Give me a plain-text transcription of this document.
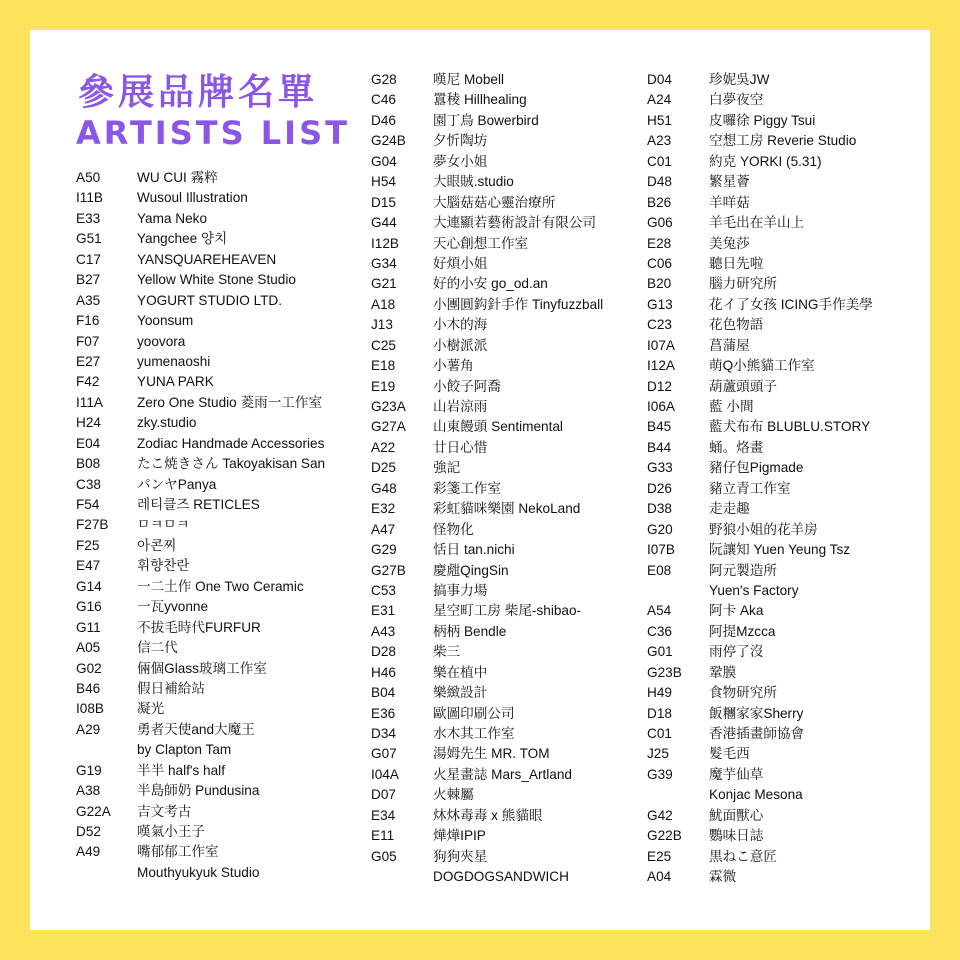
參展品牌名單
ARTISTS LIST
A50	WU CUI 霧粹
I11B	Wusoul Illustration
E33	Yama Neko
G51	Yangchee 양치
C17	YANSQUAREHEAVEN
B27	Yellow White Stone Studio
A35	YOGURT STUDIO LTD.
F16	Yoonsum
F07	yoovora
E27	yumenaoshi
F42	YUNA PARK
I11A	Zero One Studio 菱雨一工作室
H24	zky.studio
E04	Zodiac Handmade Accessories
B08	たこ焼きさん Takoyakisan San
C38	パンヤPanya
F54	레티클즈 RETICLES
F27B ㅁㅋㅁㅋ
F25	아콘찌
E47	휘향찬란
G14	一二土作 One Two Ceramic
G16	一瓦yvonne
G11	不拔毛時代FURFUR
A05	信二代
G02	倆個Glass玻璃工作室
B46	假日補給站
I08B 凝光
A29	勇者天使and大魔王
by Clapton Tam
G19	半半 half's half
A38	半島師奶 Pundusina
G22A 吉文考古
D52	嘆氣小王子
A49	嘴郁郁工作室
Mouthyukyuk Studio
G28	嘆尼 Mobell
C46	囂稜 Hillhealing
D46	園丁鳥 Bowerbird
G24B 夕忻陶坊
G04	夢女小姐
H54	大眼賊.studio
D15	大腦菇菇心靈治療所
G44	大連顯若藝術設計有限公司
I12B	天心創想工作室
G34	好煩小姐
G21	好的小安 go_od.an
A18	小團圓鈎針手作 Tinyfuzzball
J13	小木的海
C25	小樹派派
E18	小薯角
E19	小餃子阿喬
G23A 山岩涼雨
G27A 山東饅頭 Sentimental
A22	廿日心惜
D25	強記
G48	彩箋工作室
E32	彩虹貓咪樂園 NekoLand
A47	怪物化
G29	恬日 tan.nichi
G27B 慶甝QingSin
C53	搞事力場
E31	星空町工房 柴尾-shibao-
A43	柄柄 Bendle
D28	柴三
H46	樂在植中
B04	樂緻設計
E36	歐圖印刷公司
D34	水木其工作室
G07	湯姆先生 MR. TOM
I04A	火星畫誌 Mars_Artland
D07	火棘屬
E34	炑炑毒毒 x 熊貓眼
E11	燁燁IPIP
G05	狗狗夾星
DOGDOGSANDWICH
D04	珍妮吳JW
A24	白夢夜空
H51	皮囉徐 Piggy Tsui
A23	空想工房 Reverie Studio
C01	約克 YORKI (5.31)
D48	繁星薈
B26	羊咩菇
G06	羊毛出在羊山上
E28	美兔莎
C06	聽日先啦
B20	腦力研究所
G13	花イ了女孩 ICING手作美學
C23	花色物語
I07A	菖蒲屋
I12A	萌Q小熊貓工作室
D12	葫蘆頭頭子
I06A	藍 小間
B45	藍犬布布 BLUBLU.STORY
B44	蛹。烙畫
G33	豬仔包Pigmade
D26	豬立青工作室
D38	走走趣
G20	野狼小姐的花羊房
I07B	阮讓知 Yuen Yeung Tsz
E08	阿元製造所
Yuen's Factory
A54	阿卡 Aka
C36	阿提Mzcca
G01	雨停了沒
G23B 鞏膜
H49	食物研究所
D18	飯糰家家Sherry
C01	香港插畫師協會
J25	髮毛西
G39	魔芋仙草
Konjac Mesona
G42	魷面獸心
G22B 鸚味日誌
E25	黒ねこ意匠
A04	霖微
